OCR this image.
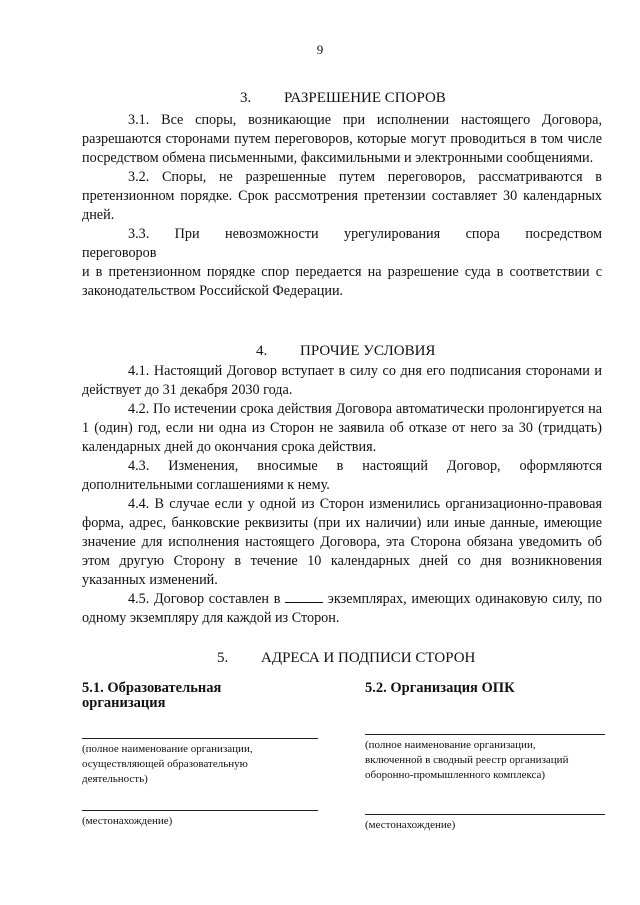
9
3. РАЗРЕШЕНИЕ СПОРОВ

3.1. Все споры, возникающие при исполнении настоящего Договора, разрешаются сторонами путем переговоров, которые могут проводиться в том числе посредством обмена письменными, факсимильными и электронными сообщениями.

3.2. Споры, не разрешенные путем переговоров, рассматриваются в претензионном порядке. Срок рассмотрения претензии составляет 30 календарных дней.

3.3. При невозможности урегулирования спора посредством

переговоров

и в претензионном порядке спор передается на разрешение суда в соответствии с законодательством Российской Федерации.

4. ПРОЧИЕ УСЛОВИЯ

4.1. Настоящий Договор вступает в силу со дня его подписания сторонами и действует до 31 декабря 2030 года.

4.2. По истечении срока действия Договора автоматически пролонгируется на 1 (один) год, если ни одна из Сторон не заявила об отказе от него за 30 (тридцать) календарных дней до окончания срока действия.

4.3. Изменения, вносимые в настоящий Договор, оформляются дополнительными соглашениями к нему.

4.4. В случае если у одной из Сторон изменились организационно-правовая форма, адрес, банковские реквизиты (при их наличии) или иные данные, имеющие значение для исполнения настоящего Договора, эта Сторона обязана уведомить об этом другую Сторону в течение 10 календарных дней со дня возникновения указанных изменений.

4.5. Договор составлен в	экземплярах, имеющих одинаковую силу, по одному экземпляру для каждой из Сторон.

5. АДРЕСА И ПОДПИСИ СТОРОН
5.1. Образовательная организация
5.2. Организация ОПК
(полное наименование организации, осуществляющей образовательную деятельность)
(полное наименование организации, включенной в сводный реестр организаций оборонно-промышленного комплекса)
(местонахождение)	(местонахождение)
